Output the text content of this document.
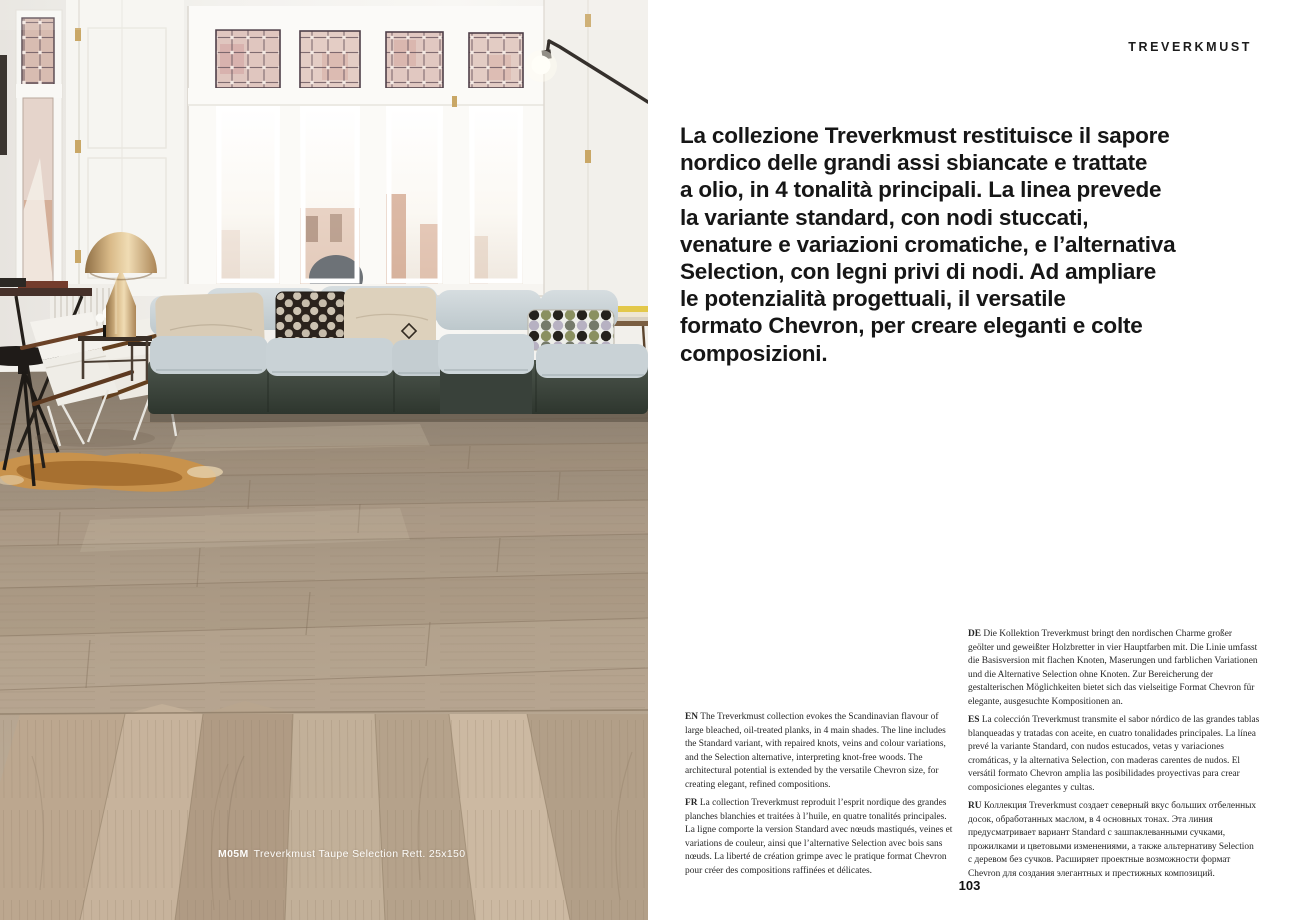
M05M Treverkmust Taupe Selection Rett. 25x150
TREVERKMUST
La collezione Treverkmust restituisce il sapore
nordico delle grandi assi sbiancate e trattate
a olio, in 4 tonalità principali. La linea prevede
la variante standard, con nodi stuccati,
venature e variazioni cromatiche, e l’alternativa
Selection, con legni privi di nodi. Ad ampliare
le potenzialità progettuali, il versatile
formato Chevron, per creare eleganti e colte
composizioni.

EN The Treverkmust collection evokes the Scandinavian flavour of large bleached, oil-treated planks, in 4 main shades. The line includes the Standard variant, with repaired knots, veins and colour variations, and the Selection alternative, interpreting knot-free woods. The architectural potential is extended by the versatile Chevron size, for creating elegant, refined compositions.

FR La collection Treverkmust reproduit l’esprit nordique des grandes planches blanchies et traitées à l’huile, en quatre tonalités principales. La ligne comporte la version Standard avec nœuds mastiqués, veines et variations de couleur, ainsi que l’alternative Selection avec bois sans nœuds. La liberté de création grimpe avec le pratique format Chevron pour créer des compositions raffinées et délicates.

DE Die Kollektion Treverkmust bringt den nordischen Charme großer geölter und geweißter Holzbretter in vier Hauptfarben mit. Die Linie umfasst die Basisversion mit flachen Knoten, Maserungen und farblichen Variationen und die Alternative Selection ohne Knoten. Zur Bereicherung der gestalterischen Möglichkeiten bietet sich das vielseitige Format Chevron für elegante, ausgesuchte Kompositionen an.

ES La colección Treverkmust transmite el sabor nórdico de las grandes tablas blanqueadas y tratadas con aceite, en cuatro tonalidades principales. La línea prevé la variante Standard, con nudos estucados, vetas y variaciones cromáticas, y la alternativa Selection, con maderas carentes de nudos. El versátil formato Chevron amplia las posibilidades proyectivas para crear composiciones elegantes y cultas.

RU Коллекция Treverkmust создает северный вкус больших отбеленных досок, обработанных маслом, в 4 основных тонах. Эта линия предусматривает вариант Standard с зашпаклеванными сучками, прожилками и цветовыми изменениями, а также альтернативу Selection с деревом без сучков. Расширяет проектные возможности формат Chevron для создания элегантных и престижных композиций.

103
